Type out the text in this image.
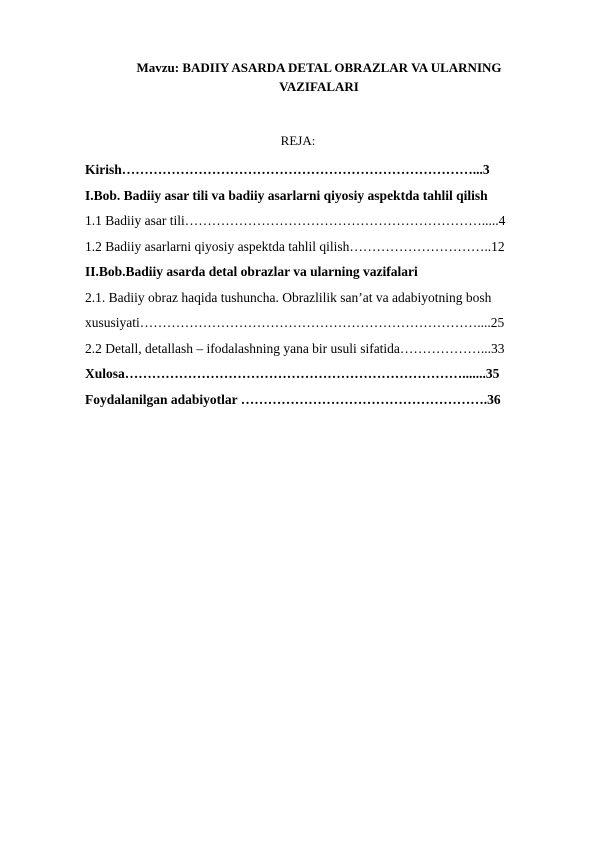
Mavzu: BADIIY ASARDA DETAL OBRAZLAR VA ULARNING VAZIFALARI
REJA:
Kirish……………………………………………………………………...3
I.Bob. Badiiy asar tili va badiiy asarlarni qiyosiy aspektda tahlil qilish
1.1 Badiiy asar tili………………………………………………………….....4
1.2 Badiiy asarlarni qiyosiy aspektda tahlil qilish…………………………..12
II.Bob.Badiiy asarda detal obrazlar va ularning vazifalari
2.1. Badiiy obraz haqida tushuncha. Obrazlilik san’at va adabiyotning bosh
xususiyati…………………………………………………………………....25
2.2 Detall, detallash – ifodalashning yana bir usuli sifatida………………...33
Xulosa………………………………………………………………….......35
Foydalanilgan adabiyotlar ……………………………………………….36
